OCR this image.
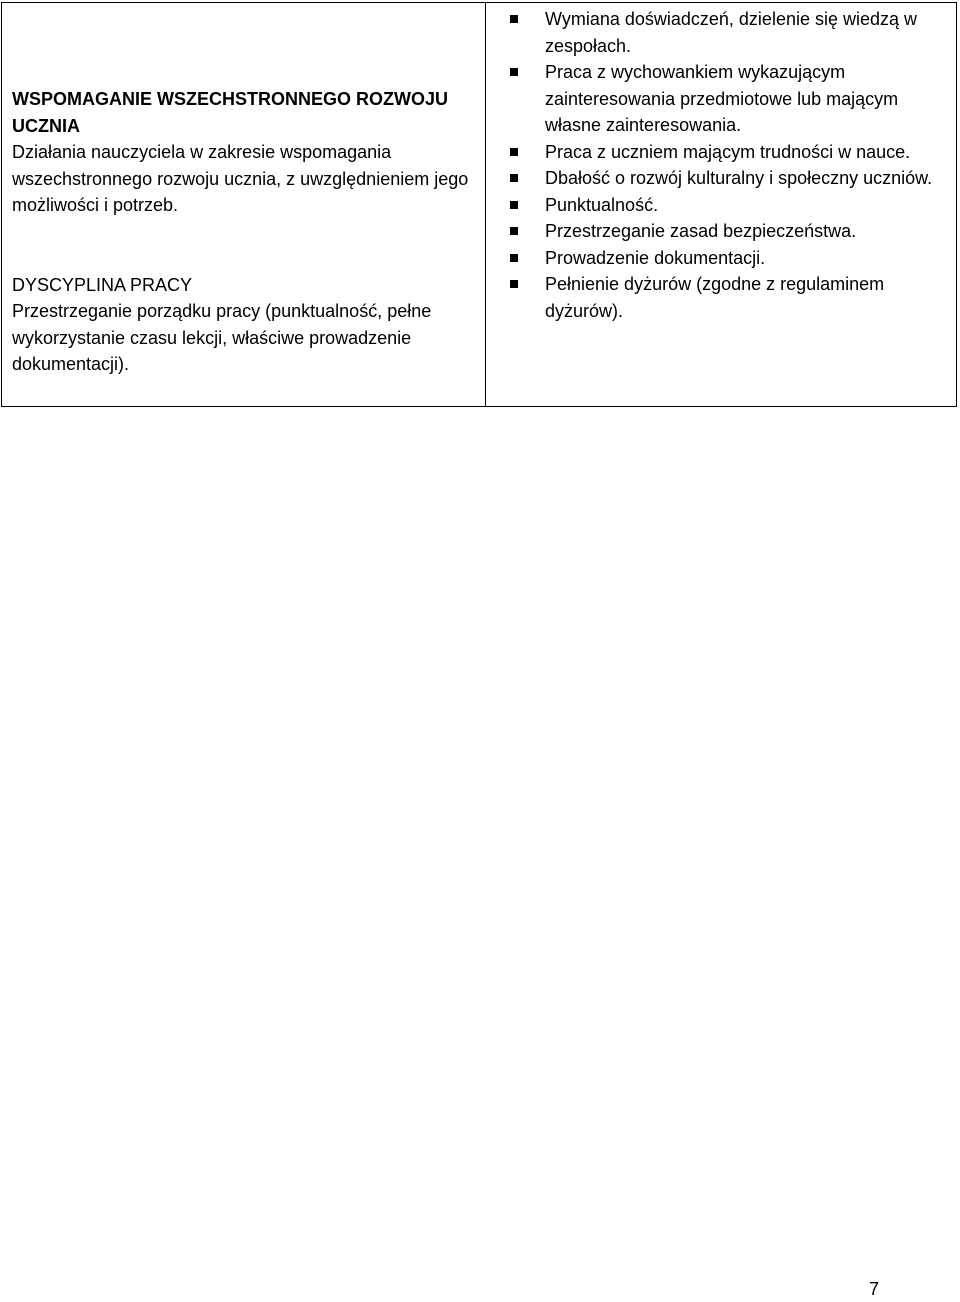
WSPOMAGANIE WSZECHSTRONNEGO ROZWOJU UCZNIA
Działania nauczyciela w zakresie wspomagania wszechstronnego rozwoju ucznia, z uwzględnieniem jego możliwości i potrzeb.
DYSCYPLINA PRACY
Przestrzeganie porządku pracy (punktualność, pełne wykorzystanie czasu lekcji, właściwe prowadzenie dokumentacji).

Wymiana doświadczeń, dzielenie się wiedzą w zespołach.
Praca z wychowankiem wykazującym zainteresowania przedmiotowe lub mającym własne zainteresowania.
Praca z uczniem mającym trudności w nauce.
Dbałość o rozwój kulturalny i społeczny uczniów.
Punktualność.
Przestrzeganie zasad bezpieczeństwa.
Prowadzenie dokumentacji.
Pełnienie dyżurów (zgodne z regulaminem dyżurów).
7
